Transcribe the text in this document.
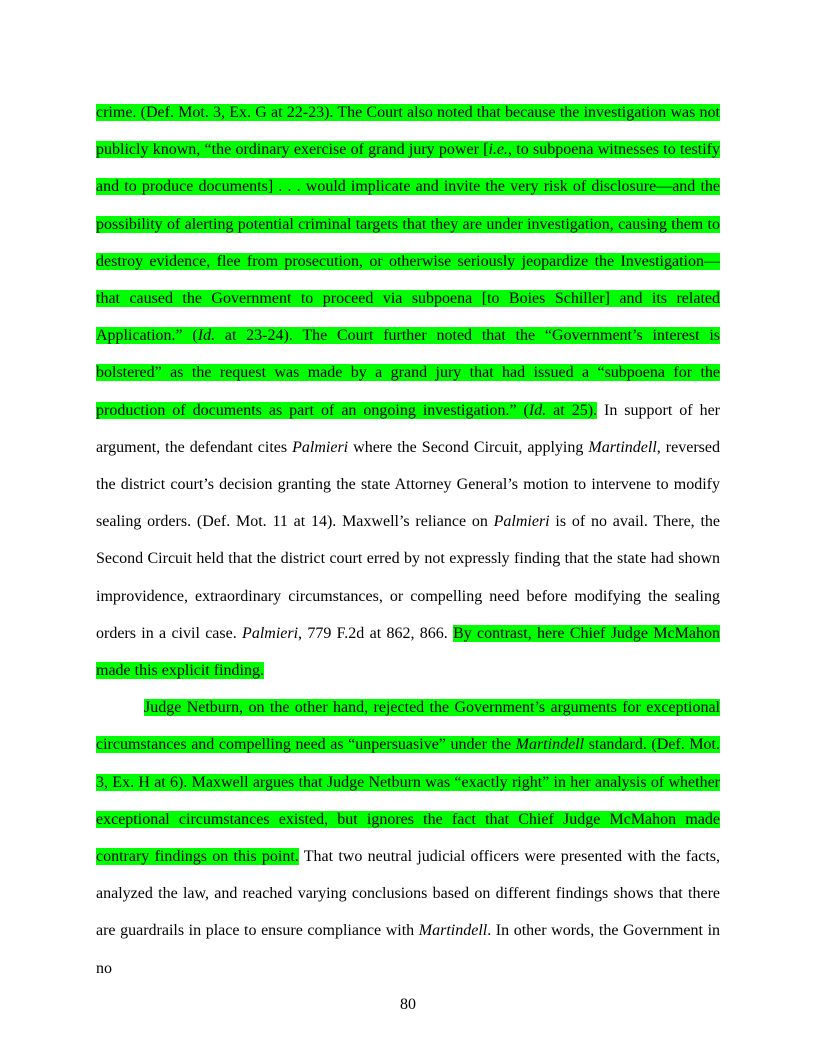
crime. (Def. Mot. 3, Ex. G at 22-23). The Court also noted that because the investigation was not publicly known, “the ordinary exercise of grand jury power [i.e., to subpoena witnesses to testify and to produce documents] . . . would implicate and invite the very risk of disclosure—and the possibility of alerting potential criminal targets that they are under investigation, causing them to destroy evidence, flee from prosecution, or otherwise seriously jeopardize the Investigation—that caused the Government to proceed via subpoena [to Boies Schiller] and its related Application.” (Id. at 23-24). The Court further noted that the “Government’s interest is bolstered” as the request was made by a grand jury that had issued a “subpoena for the production of documents as part of an ongoing investigation.” (Id. at 25). In support of her argument, the defendant cites Palmieri where the Second Circuit, applying Martindell, reversed the district court’s decision granting the state Attorney General’s motion to intervene to modify sealing orders. (Def. Mot. 11 at 14). Maxwell’s reliance on Palmieri is of no avail. There, the Second Circuit held that the district court erred by not expressly finding that the state had shown improvidence, extraordinary circumstances, or compelling need before modifying the sealing orders in a civil case. Palmieri, 779 F.2d at 862, 866. By contrast, here Chief Judge McMahon made this explicit finding.

Judge Netburn, on the other hand, rejected the Government’s arguments for exceptional circumstances and compelling need as “unpersuasive” under the Martindell standard. (Def. Mot. 3, Ex. H at 6). Maxwell argues that Judge Netburn was “exactly right” in her analysis of whether exceptional circumstances existed, but ignores the fact that Chief Judge McMahon made contrary findings on this point. That two neutral judicial officers were presented with the facts, analyzed the law, and reached varying conclusions based on different findings shows that there are guardrails in place to ensure compliance with Martindell. In other words, the Government in no

80
